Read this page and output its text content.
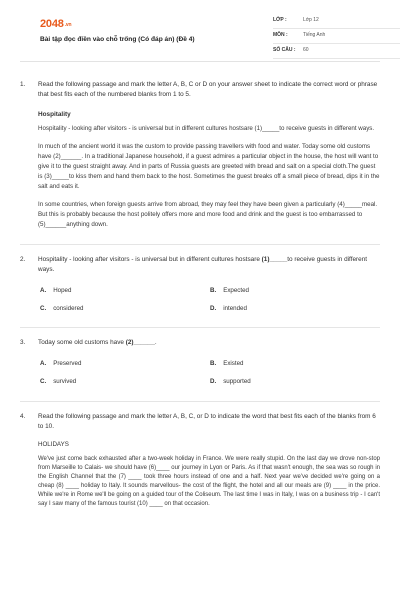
2048.vn
Bài tập đọc điền vào chỗ trống (Có đáp án) (Đề 4)
LỚP :	Lớp 12
MÔN :	Tiếng Anh
SỐ CÂU :	60
1.	Read the following passage and mark the letter A, B, C or D on your answer sheet to indicate the correct word or phrase that best fits each of the numbered blanks from 1 to 5.
Hospitality
Hospitality - looking after visitors - is universal but in different cultures hostsare (1)_____to receive guests in different ways.
In much of the ancient world it was the custom to provide passing travellers with food and water. Today some old customs have (2)______. In a traditional Japanese household, if a guest admires a particular object in the house, the host will want to give it to the guest straight away. And in parts of Russia guests are greeted with bread and salt on a special cloth.The guest is (3)_____to kiss them and hand them back to the host. Sometimes the guest breaks off a small piece of bread, dips it in the salt and eats it.
In some countries, when foreign guests arrive from abroad, they may feel they have been given a particularly (4)_____meal. But this is probably because the host politely offers more and more food and drink and the guest is too embarrassed to (5)______anything down.
2.	Hospitality - looking after visitors - is universal but in different cultures hostsare (1)_____to receive guests in different ways.
A. Hoped	B. Expected
C. considered	D. intended
3.	Today some old customs have (2)______.
A. Preserved	B. Existed
C. survived	D. supported
4.	Read the following passage and mark the letter A, B, C, or D to indicate the word that best fits each of the blanks from 6 to 10.
HOLIDAYS
We've just come back exhausted after a two-week holiday in France. We were really stupid. On the last day we drove non-stop from Marseille to Calais- we should have (6)____ our journey in Lyon or Paris. As if that wasn't enough, the sea was so rough in the English Channel that the (7) ____ took three hours instead of one and a half. Next year we've decided we're going on a cheap (8) ____ holiday to Italy. It sounds marvellous- the cost of the flight, the hotel and all our meals are (9) ____ in the price. While we're in Rome we'll be going on a guided tour of the Coliseum. The last time I was in Italy, I was on a business trip - I can't say I saw many of the famous tourist (10) ____ on that occasion.
